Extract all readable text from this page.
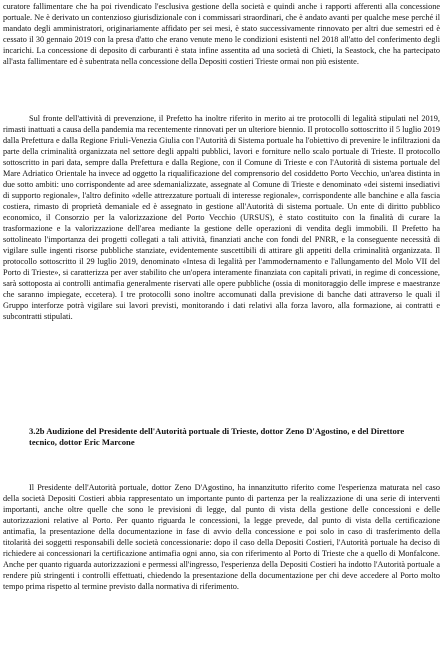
curatore fallimentare che ha poi rivendicato l'esclusiva gestione della società e quindi anche i rapporti afferenti alla concessione portuale. Ne è derivato un contenzioso giurisdizionale con i commissari straordinari, che è andato avanti per qualche mese perché il mandato degli amministratori, originariamente affidato per sei mesi, è stato successivamente rinnovato per altri due semestri ed è cessato il 30 gennaio 2019 con la presa d'atto che erano venute meno le condizioni esistenti nel 2018 all'atto del conferimento degli incarichi. La concessione di deposito di carburanti è stata infine assentita ad una società di Chieti, la Seastock, che ha partecipato all'asta fallimentare ed è subentrata nella concessione della Depositi costieri Trieste ormai non più esistente.

Sul fronte dell'attività di prevenzione, il Prefetto ha inoltre riferito in merito ai tre protocolli di legalità stipulati nel 2019, rimasti inattuati a causa della pandemia ma recentemente rinnovati per un ulteriore biennio. Il protocollo sottoscritto il 5 luglio 2019 dalla Prefettura e dalla Regione Friuli-Venezia Giulia con l'Autorità di Sistema portuale ha l'obiettivo di prevenire le infiltrazioni da parte della criminalità organizzata nel settore degli appalti pubblici, lavori e forniture nello scalo portuale di Trieste. Il protocollo sottoscritto in pari data, sempre dalla Prefettura e dalla Regione, con il Comune di Trieste e con l'Autorità di sistema portuale del Mare Adriatico Orientale ha invece ad oggetto la riqualificazione del comprensorio del cosiddetto Porto Vecchio, un'area distinta in due sotto ambiti: uno corrispondente ad aree sdemanializzate, assegnate al Comune di Trieste e denominato «dei sistemi insediativi di supporto regionale», l'altro definito «delle attrezzature portuali di interesse regionale», corrispondente alle banchine e alla fascia costiera, rimasto di proprietà demaniale ed è assegnato in gestione all'Autorità di sistema portuale. Un ente di diritto pubblico economico, il Consorzio per la valorizzazione del Porto Vecchio (URSUS), è stato costituito con la finalità di curare la trasformazione e la valorizzazione dell'area mediante la gestione delle operazioni di vendita degli immobili. Il Prefetto ha sottolineato l'importanza dei progetti collegati a tali attività, finanziati anche con fondi del PNRR, e la conseguente necessità di vigilare sulle ingenti risorse pubbliche stanziate, evidentemente suscettibili di attirare gli appetiti della criminalità organizzata. Il protocollo sottoscritto il 29 luglio 2019, denominato «Intesa di legalità per l'ammodernamento e l'allungamento del Molo VII del Porto di Trieste», si caratterizza per aver stabilito che un'opera interamente finanziata con capitali privati, in regime di concessione, sarà sottoposta ai controlli antimafia generalmente riservati alle opere pubbliche (ossia di monitoraggio delle imprese e maestranze che saranno impiegate, eccetera). I tre protocolli sono inoltre accomunati dalla previsione di banche dati attraverso le quali il Gruppo interforze potrà vigilare sui lavori previsti, monitorando i dati relativi alla forza lavoro, alla formazione, ai contratti e subcontratti stipulati.

3.2b Audizione del Presidente dell'Autorità portuale di Trieste, dottor Zeno D'Agostino, e del Direttore tecnico, dottor Eric Marcone

Il Presidente dell'Autorità portuale, dottor Zeno D'Agostino, ha innanzitutto riferito come l'esperienza maturata nel caso della società Depositi Costieri abbia rappresentato un importante punto di partenza per la realizzazione di una serie di interventi importanti, anche oltre quelle che sono le previsioni di legge, dal punto di vista della gestione delle concessioni e delle autorizzazioni relative al Porto. Per quanto riguarda le concessioni, la legge prevede, dal punto di vista della certificazione antimafia, la presentazione della documentazione in fase di avvio della concessione e poi solo in caso di trasferimento della titolarità dei soggetti responsabili delle società concessionarie: dopo il caso della Depositi Costieri, l'Autorità portuale ha deciso di richiedere ai concessionari la certificazione antimafia ogni anno, sia con riferimento al Porto di Trieste che a quello di Monfalcone. Anche per quanto riguarda autorizzazioni e permessi all'ingresso, l'esperienza della Depositi Costieri ha indotto l'Autorità portuale a rendere più stringenti i controlli effettuati, chiedendo la presentazione della documentazione per chi deve accedere al Porto molto tempo prima rispetto al termine previsto dalla normativa di riferimento.
